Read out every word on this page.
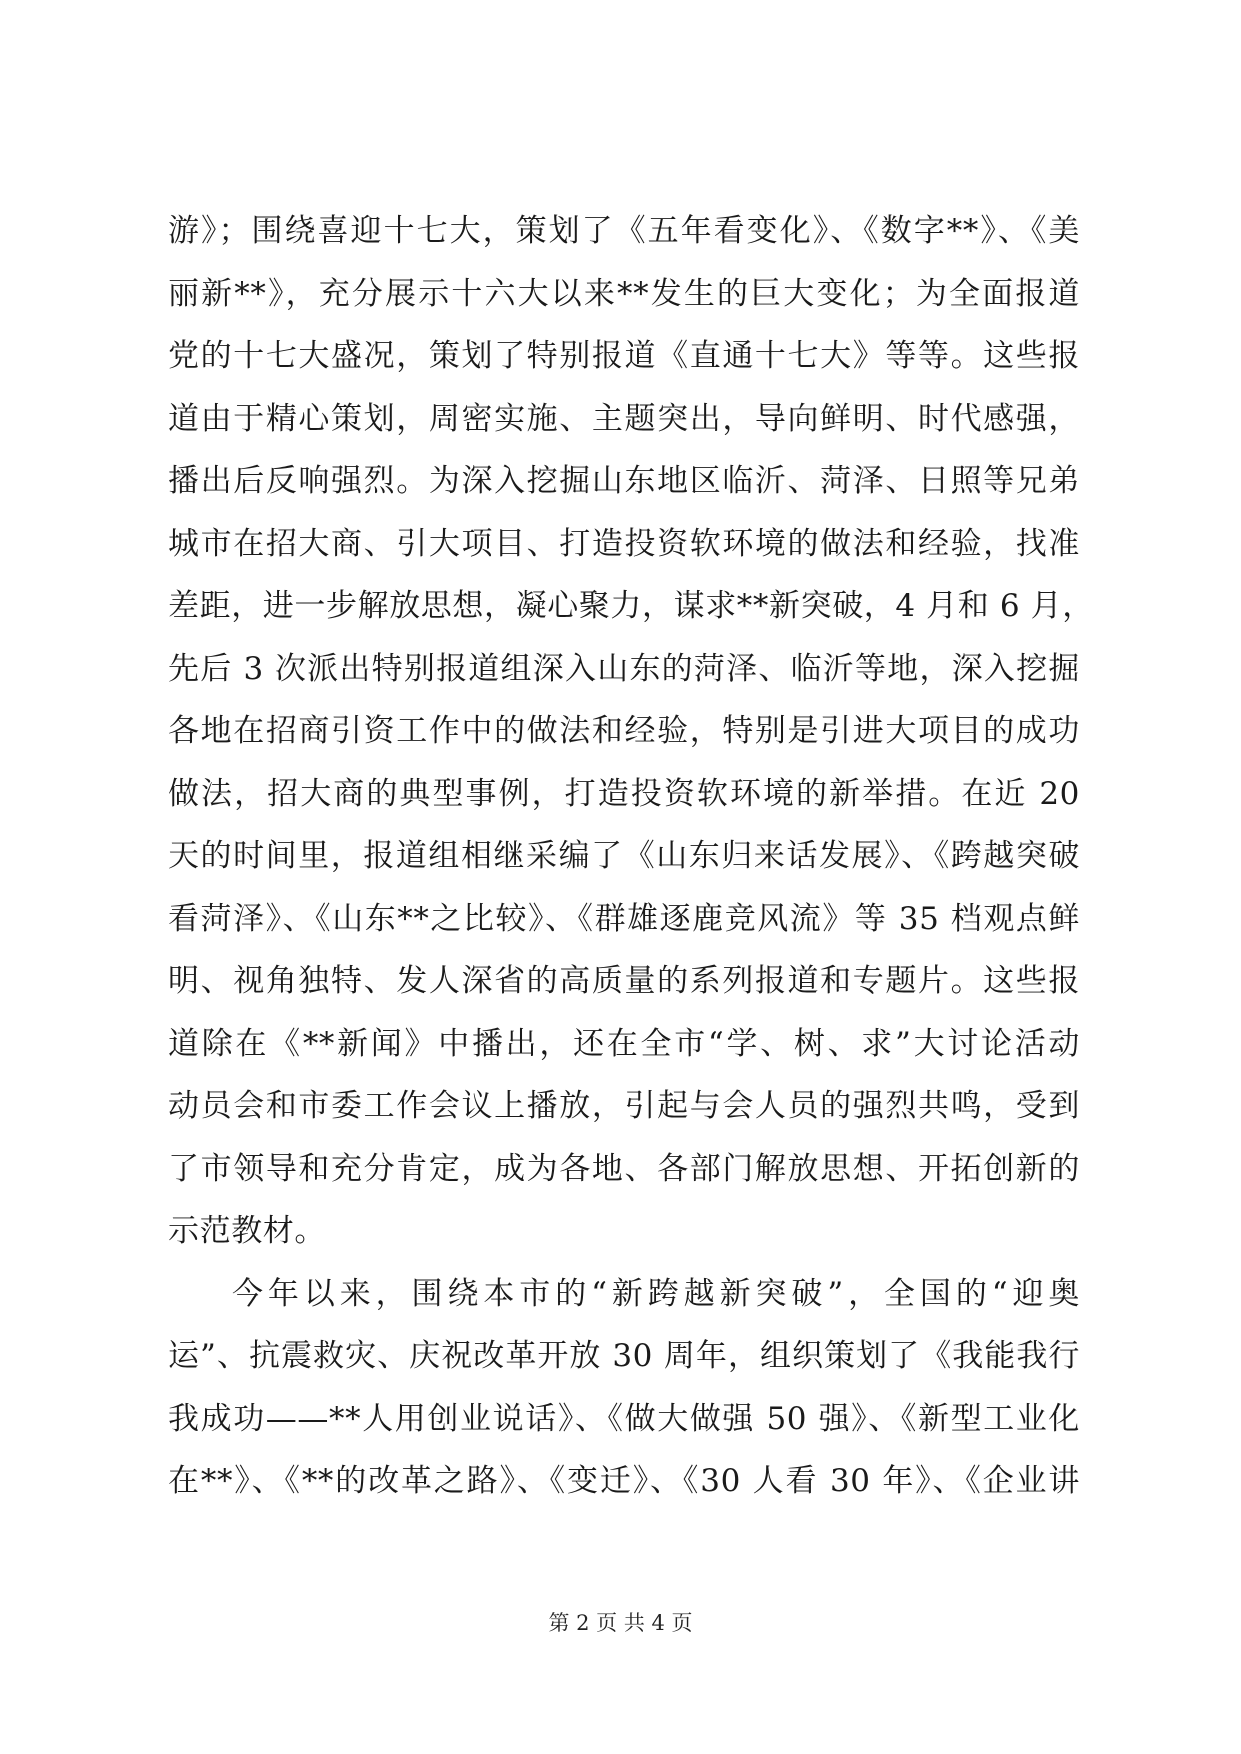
游》；围绕喜迎十七大，策划了《五年看变化》、《数字**》、《美
丽新**》，充分展示十六大以来**发生的巨大变化；为全面报道
党的十七大盛况，策划了特别报道《直通十七大》等等。这些报
道由于精心策划，周密实施、主题突出，导向鲜明、时代感强，
播出后反响强烈。为深入挖掘山东地区临沂、菏泽、日照等兄弟
城市在招大商、引大项目、打造投资软环境的做法和经验，找准
差距，进一步解放思想，凝心聚力，谋求**新突破，4 月和 6 月，
先后 3 次派出特别报道组深入山东的菏泽、临沂等地，深入挖掘
各地在招商引资工作中的做法和经验，特别是引进大项目的成功
做法，招大商的典型事例，打造投资软环境的新举措。在近 20
天的时间里，报道组相继采编了《山东归来话发展》、《跨越突破
看菏泽》、《山东**之比较》、《群雄逐鹿竞风流》等 35 档观点鲜
明、视角独特、发人深省的高质量的系列报道和专题片。这些报
道除在《**新闻》中播出，还在全市“学、树、求”大讨论活动
动员会和市委工作会议上播放，引起与会人员的强烈共鸣，受到
了市领导和充分肯定，成为各地、各部门解放思想、开拓创新的
示范教材。
今年以来，围绕本市的“新跨越新突破”，全国的“迎奥
运”、抗震救灾、庆祝改革开放 30 周年，组织策划了《我能我行
我成功——**人用创业说话》、《做大做强 50 强》、《新型工业化
在**》、《**的改革之路》、《变迁》、《30 人看 30 年》、《企业讲
第 2 页 共 4 页
